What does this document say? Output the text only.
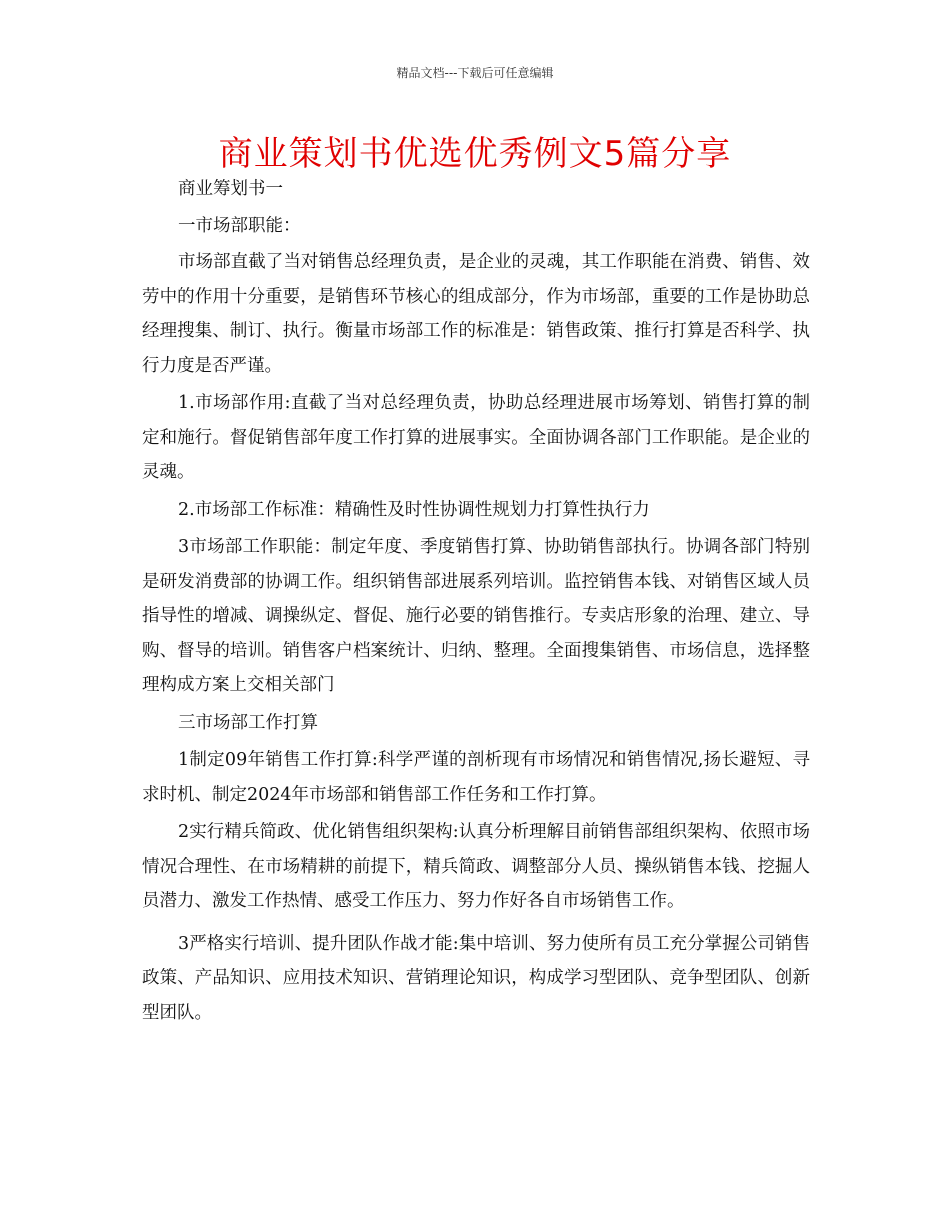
精品文档---下载后可任意编辑
商业策划书优选优秀例文5篇分享

商业筹划书一

一市场部职能：

市场部直截了当对销售总经理负责，是企业的灵魂，其工作职能在消费、销售、效劳中的作用十分重要，是销售环节核心的组成部分，作为市场部，重要的工作是协助总经理搜集、制订、执行。衡量市场部工作的标准是：销售政策、推行打算是否科学、执行力度是否严谨。

1.市场部作用:直截了当对总经理负责，协助总经理进展市场筹划、销售打算的制定和施行。督促销售部年度工作打算的进展事实。全面协调各部门工作职能。是企业的灵魂。

2.市场部工作标准：精确性及时性协调性规划力打算性执行力

3市场部工作职能：制定年度、季度销售打算、协助销售部执行。协调各部门特别是研发消费部的协调工作。组织销售部进展系列培训。监控销售本钱、对销售区域人员指导性的增减、调操纵定、督促、施行必要的销售推行。专卖店形象的治理、建立、导购、督导的培训。销售客户档案统计、归纳、整理。全面搜集销售、市场信息，选择整理构成方案上交相关部门

三市场部工作打算

1制定09年销售工作打算:科学严谨的剖析现有市场情况和销售情况,扬长避短、寻求时机、制定2024年市场部和销售部工作任务和工作打算。

2实行精兵简政、优化销售组织架构:认真分析理解目前销售部组织架构、依照市场情况合理性、在市场精耕的前提下，精兵简政、调整部分人员、操纵销售本钱、挖掘人员潜力、激发工作热情、感受工作压力、努力作好各自市场销售工作。

3严格实行培训、提升团队作战才能:集中培训、努力使所有员工充分掌握公司销售政策、产品知识、应用技术知识、营销理论知识，构成学习型团队、竞争型团队、创新型团队。
